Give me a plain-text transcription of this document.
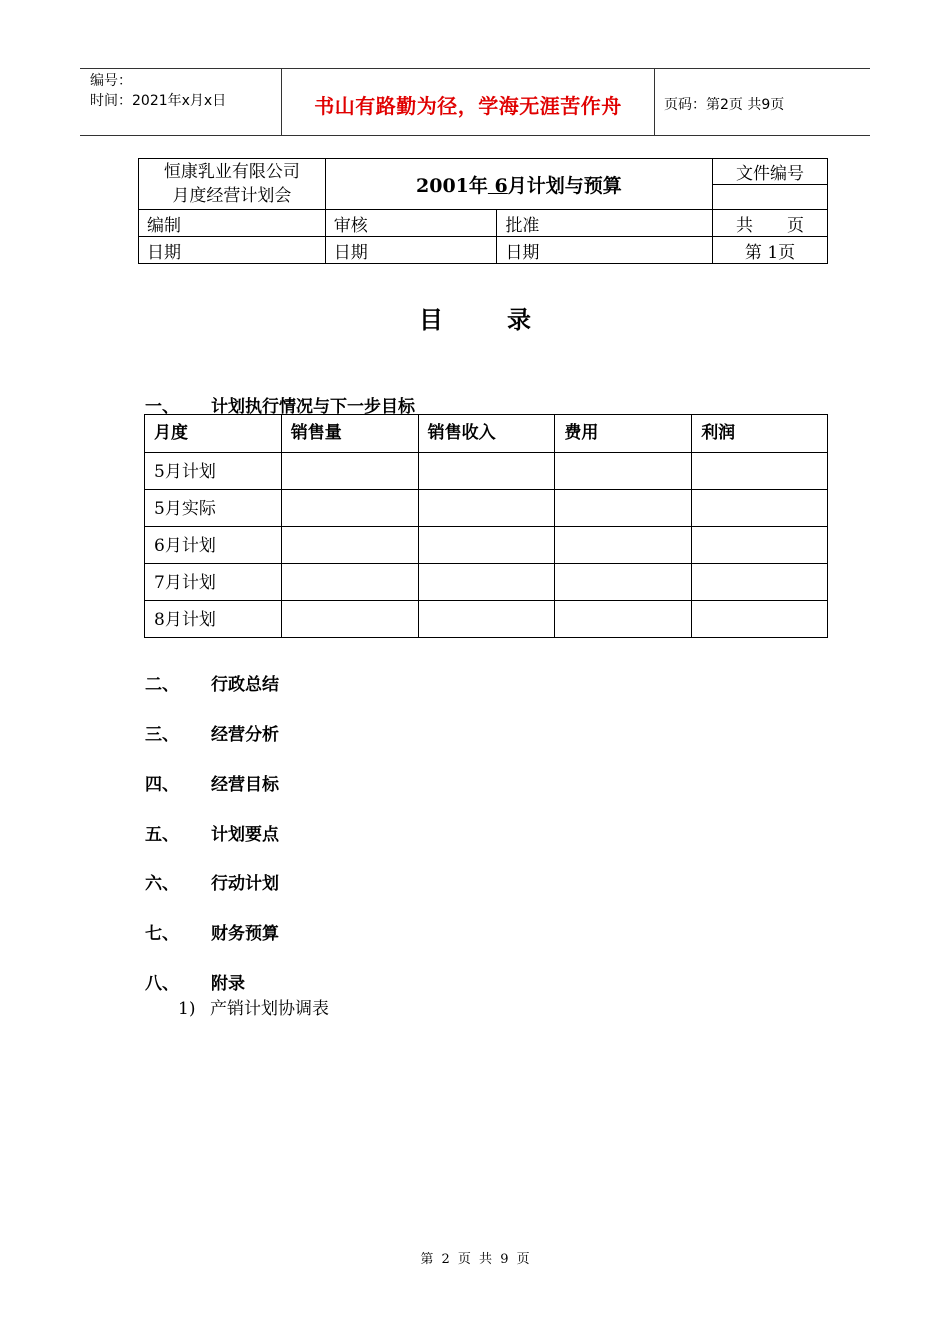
编号：
时间：2021年x月x日	书山有路勤为径，学海无涯苦作舟	页码：第2页 共9页
恒康乳业有限公司
月度经营计划会	2001年 6月计划与预算		文件编号

编制	审核	批准	共　　页
日期	日期	日期	第 1页
目	录
一、 计划执行情况与下一步目标
月度	销售量	销售收入	费用	利润
5月计划				
5月实际				
6月计划				
7月计划				
8月计划				
二、 行政总结
三、 经营分析
四、 经营目标
五、 计划要点
六、 行动计划
七、 财务预算
八、 附录
1) 产销计划协调表
第 2 页 共 9 页
